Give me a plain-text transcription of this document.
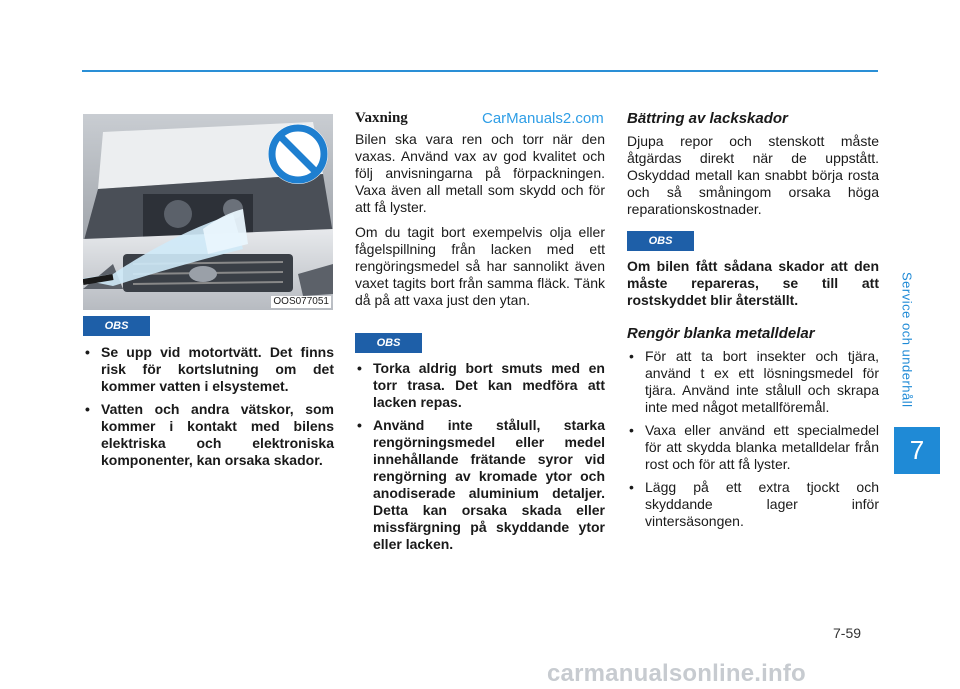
Service och underhåll
7
7-59
OOS077051
OBS
• Se upp vid motortvätt. Det finns risk för kortslutning om det kommer vatten i elsystemet.
• Vatten och andra vätskor, som kommer i kontakt med bilens elektriska och elektroniska komponenter, kan orsaka skador.
CarManuals2.com
Vaxning

Bilen ska vara ren och torr när den vaxas. Använd vax av god kvalitet och följ anvisningarna på förpackningen. Vaxa även all metall som skydd och för att få lyster.

Om du tagit bort exempelvis olja eller fågelspillning från lacken med ett rengöringsmedel så har sannolikt även vaxet tagits bort från samma fläck. Tänk då på att vaxa just den ytan.

OBS
• Torka aldrig bort smuts med en torr trasa. Det kan medföra att lacken repas.
• Använd inte stålull, starka rengörningsmedel eller medel innehållande frätande syror vid rengörning av kromade ytor och anodiserade aluminium detaljer. Detta kan orsaka skada eller missfärgning på skyddande ytor eller lacken.
Bättring av lackskador

Djupa repor och stenskott måste åtgärdas direkt när de uppstått. Oskyddad metall kan snabbt börja rosta och så småningom orsaka höga reparationskostnader.

OBS

Om bilen fått sådana skador att den måste repareras, se till att rostskyddet blir återställt.

Rengör blanka metalldelar
• För att ta bort insekter och tjära, använd t ex ett lösningsmedel för tjära. Använd inte stålull och skrapa inte med något metallföremål.
• Vaxa eller använd ett specialmedel för att skydda blanka metalldelar från rost och för att få lyster.
• Lägg på ett extra tjockt och skyddande lager inför vintersäsongen.
carmanualsonline.info
